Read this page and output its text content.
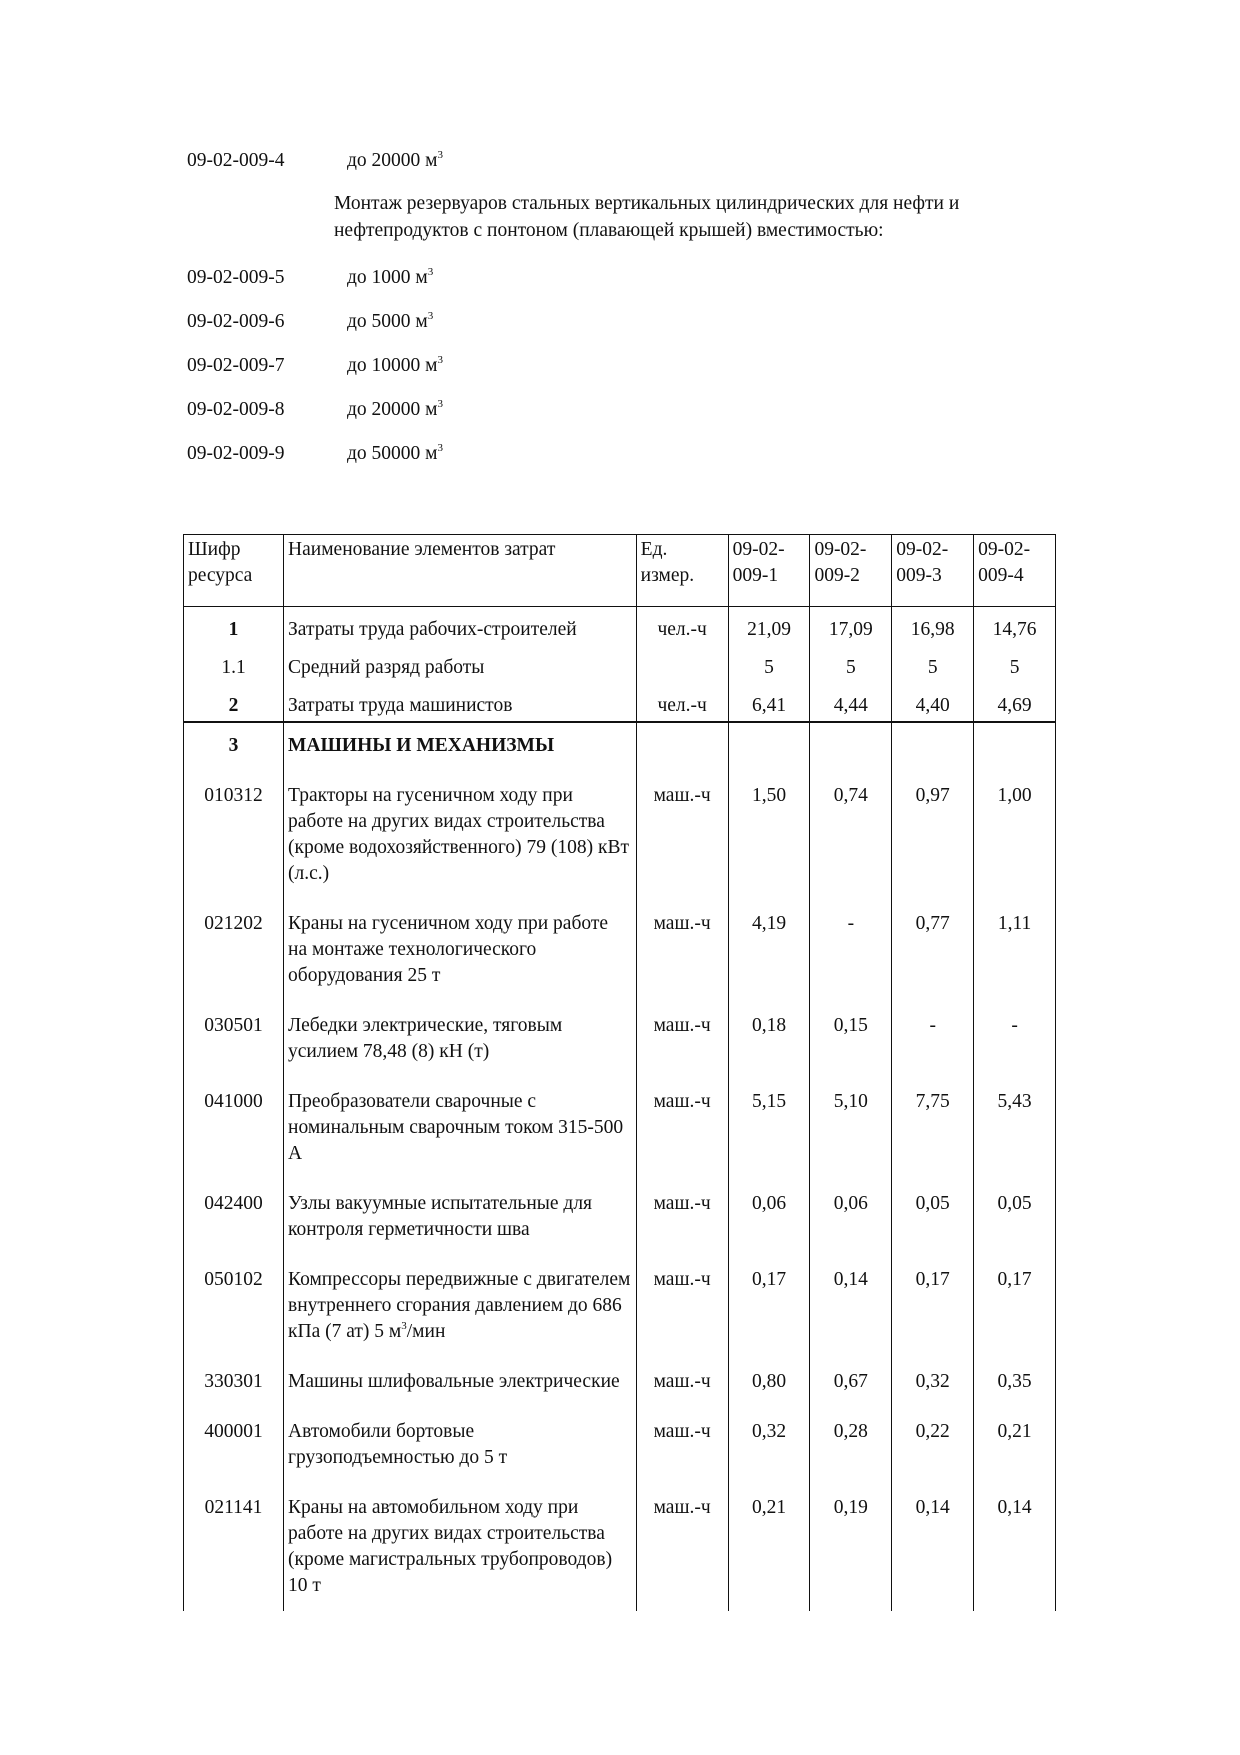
09-02-009-4	до 20000 $м^3$
Монтаж резервуаров стальных вертикальных цилиндрических для нефти и нефтепродуктов с понтоном (плавающей крышей) вместимостью:
09-02-009-5	до 1000 $м^3$
09-02-009-6	до 5000 $м^3$
09-02-009-7	до 10000 $м^3$
09-02-009-8	до 20000 $м^3$
09-02-009-9	до 50000 $м^3$
Шифр ресурса	Наименование элементов затрат	Ед. измер.	09-02-009-1	09-02-009-2	09-02-009-3	09-02-009-4
1	Затраты труда рабочих-строителей	чел.-ч	21,09	17,09	16,98	14,76
1.1	Средний разряд работы		5	5	5	5
2	Затраты труда машинистов	чел.-ч	6,41	4,44	4,40	4,69
3	МАШИНЫ И МЕХАНИЗМЫ					
010312	Тракторы на гусеничном ходу при работе на других видах строительства (кроме водохозяйственного) 79 (108) кВт (л.с.)	маш.-ч	1,50	0,74	0,97	1,00
021202	Краны на гусеничном ходу при работе на монтаже технологического оборудования 25 т	маш.-ч	4,19	-	0,77	1,11
030501	Лебедки электрические, тяговым усилием 78,48 (8) кН (т)	маш.-ч	0,18	0,15	-	-
041000	Преобразователи сварочные с номинальным сварочным током 315-500 А	маш.-ч	5,15	5,10	7,75	5,43
042400	Узлы вакуумные испытательные для контроля герметичности шва	маш.-ч	0,06	0,06	0,05	0,05
050102	Компрессоры передвижные с двигателем внутреннего сгорания давлением до 686 кПа (7 ат) 5 $м^3$/мин	маш.-ч	0,17	0,14	0,17	0,17
330301	Машины шлифовальные электрические	маш.-ч	0,80	0,67	0,32	0,35
400001	Автомобили бортовые грузоподъемностью до 5 т	маш.-ч	0,32	0,28	0,22	0,21
021141	Краны на автомобильном ходу при работе на других видах строительства (кроме магистральных трубопроводов) 10 т	маш.-ч	0,21	0,19	0,14	0,14
